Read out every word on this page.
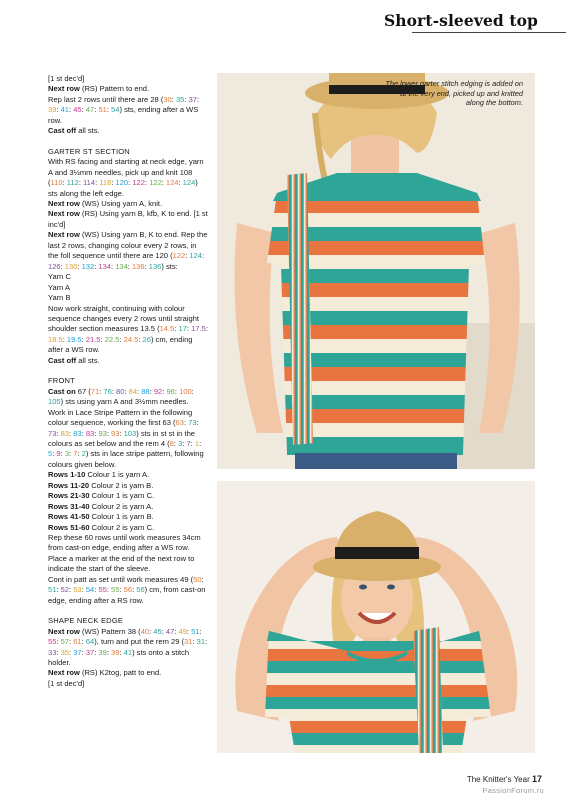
Short-sleeved top

[1 st dec'd]

Next row (RS) Pattern to end.

Rep last 2 rows until there are 28 (30: 35: 37: 39: 41: 45: 47: 51: 54) sts, ending after a WS row.

Cast off all sts.

GARTER ST SECTION

With RS facing and starting at neck edge, yarn A and 3½mm needles, pick up and knit 108 (110: 112: 114: 118: 120: 122: 122: 124: 124) sts along the left edge.

Next row (WS) Using yarn A, knit.

Next row (RS) Using yarn B, kfb, K to end. [1 st inc'd]

Next row (WS) Using yarn B, K to end. Rep the last 2 rows, changing colour every 2 rows, in the foll sequence until there are 120 (122: 124: 126: 130: 132: 134: 134: 136: 136) sts:

Yarn C

Yarn A

Yarn B

Now work straight, continuing with colour sequence changes every 2 rows until straight shoulder section measures 13.5 (14.5: 17: 17.5: 18.5: 19.5: 21.5: 22.5: 24.5: 26) cm, ending after a WS row.

Cast off all sts.

FRONT

Cast on 67 (71: 76: 80: 84: 88: 92: 96: 100: 105) sts using yarn A and 3½mm needles.

Work in Lace Stripe Pattern in the following colour sequence, working the first 63 (63: 73: 73: 83: 83: 83: 93: 93: 103) sts in st st in the colours as set below and the rem 4 (8: 3: 7: 1: 5: 9: 3: 7: 2) sts in lace stripe pattern, following colours given below.

Rows 1-10 Colour 1 is yarn A.

Rows 11-20 Colour 2 is yarn B.

Rows 21-30 Colour 1 is yarn C.

Rows 31-40 Colour 2 is yarn A.

Rows 41-50 Colour 1 is yarn B.

Rows 51-60 Colour 2 is yarn C.

Rep these 60 rows until work measures 34cm from cast-on edge, ending after a WS row.

Place a marker at the end of the next row to indicate the start of the sleeve.

Cont in patt as set until work measures 49 (50: 51: 52: 53: 54: 55: 55: 56: 56) cm, from cast-on edge, ending after a RS row.

SHAPE NECK EDGE

Next row (WS) Pattern 38 (40: 45: 47: 49: 51: 55: 57: 61: 64), turn and put the rem 29 (31: 31: 33: 35: 37: 37: 39: 39: 41) sts onto a stitch holder.

Next row (RS) K2tog, patt to end.

[1 st dec'd]

The lower garter stitch edging is added on at the very end, picked up and knitted along the bottom.
The Knitter's Year 17
PassionForum.ru
